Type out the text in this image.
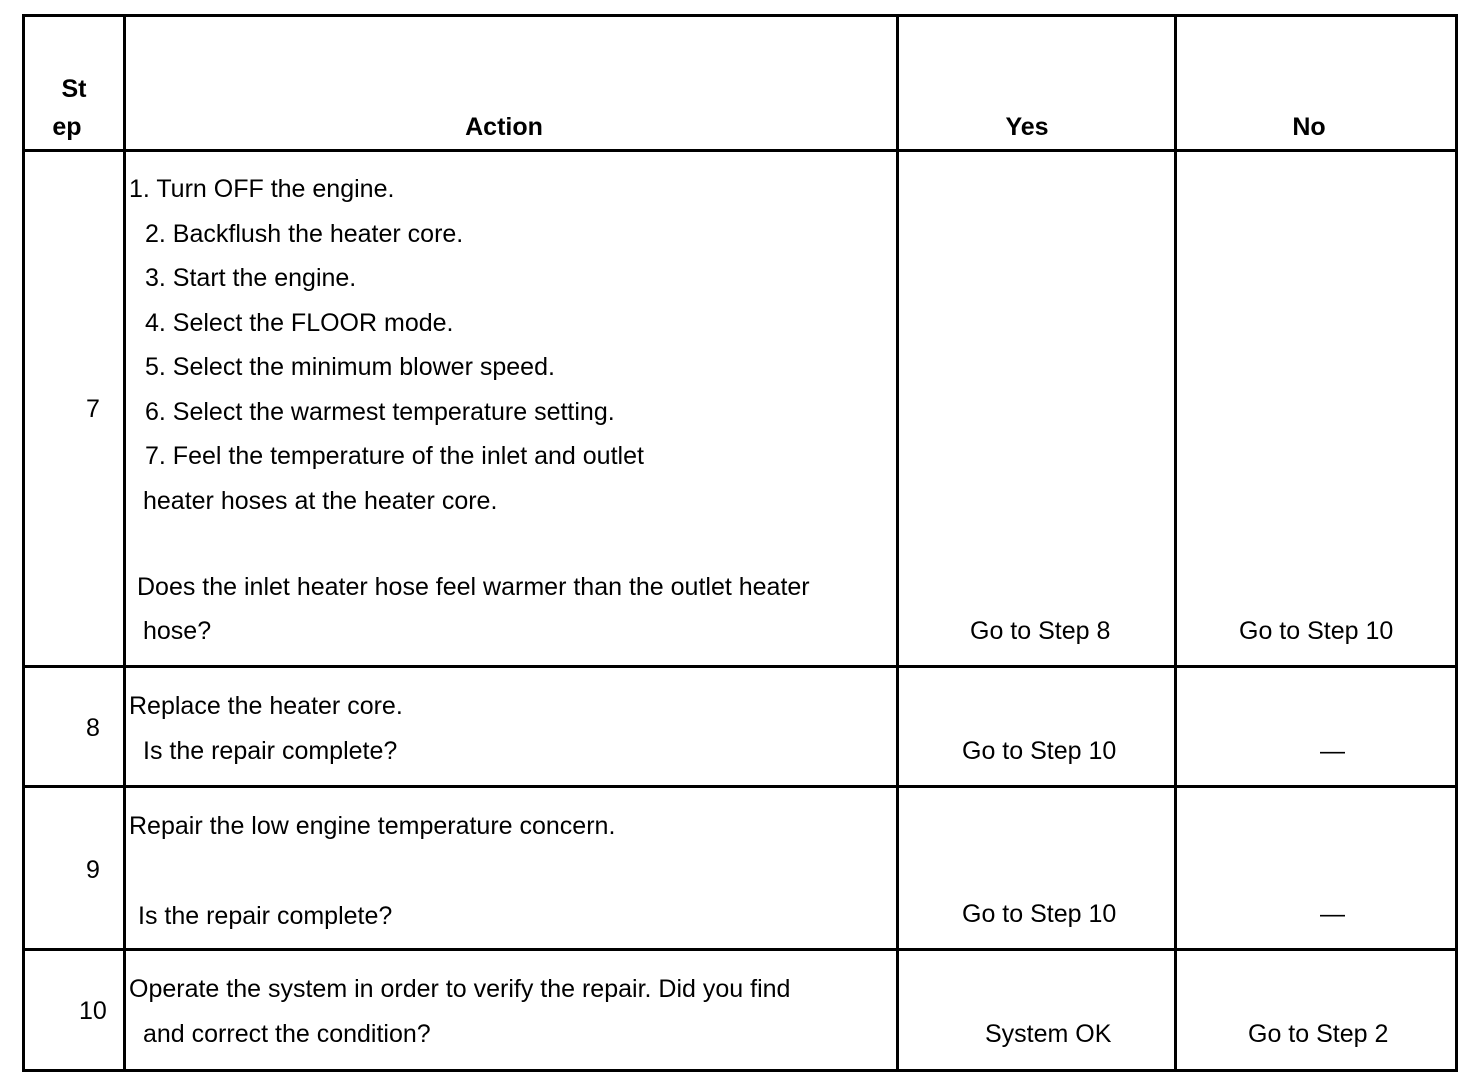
St
ep	Action	Yes	No
7
1. Turn OFF the engine.
2. Backflush the heater core.
3. Start the engine.
4. Select the FLOOR mode.
5. Select the minimum blower speed.
6. Select the warmest temperature setting.
7. Feel the temperature of the inlet and outlet
heater hoses at the heater core.
Does the inlet heater hose feel warmer than the outlet heater
hose?	Go to Step 8	Go to Step 10
8
Replace the heater core.
Is the repair complete?	Go to Step 10	—
9
Repair the low engine temperature concern.
Is the repair complete?	Go to Step 10	—
10
Operate the system in order to verify the repair. Did you find
and correct the condition?	System OK	Go to Step 2
